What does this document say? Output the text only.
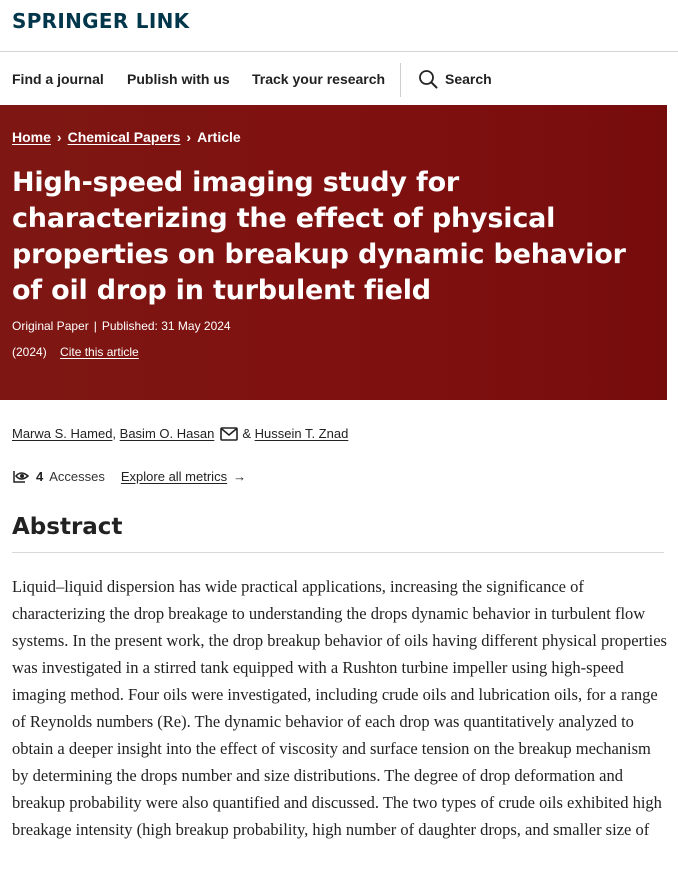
SPRINGER LINK
Find a journal Publish with us Track your research	Search
Home › Chemical Papers › Article
High-speed imaging study for characterizing the effect of physical properties on breakup dynamic behavior of oil drop in turbulent field
Original Paper | Published: 31 May 2024
(2024) Cite this article
Marwa S. Hamed , Basim O. Hasan &
Hussein T. Znad
4 Accesses Explore all metrics →
Abstract

Liquid–liquid dispersion has wide practical applications, increasing the significance of characterizing the drop breakage to understanding the drops dynamic behavior in turbulent flow systems. In the present work, the drop breakup behavior of oils having different physical properties was investigated in a stirred tank equipped with a Rushton turbine impeller using high-speed imaging method. Four oils were investigated, including crude oils and lubrication oils, for a range of Reynolds numbers (Re). The dynamic behavior of each drop was quantitatively analyzed to obtain a deeper insight into the effect of viscosity and surface tension on the breakup mechanism by determining the drops number and size distributions. The degree of drop deformation and breakup probability were also quantified and discussed. The two types of crude oils exhibited high breakage intensity (high breakup probability, high number of daughter drops, and smaller size of
